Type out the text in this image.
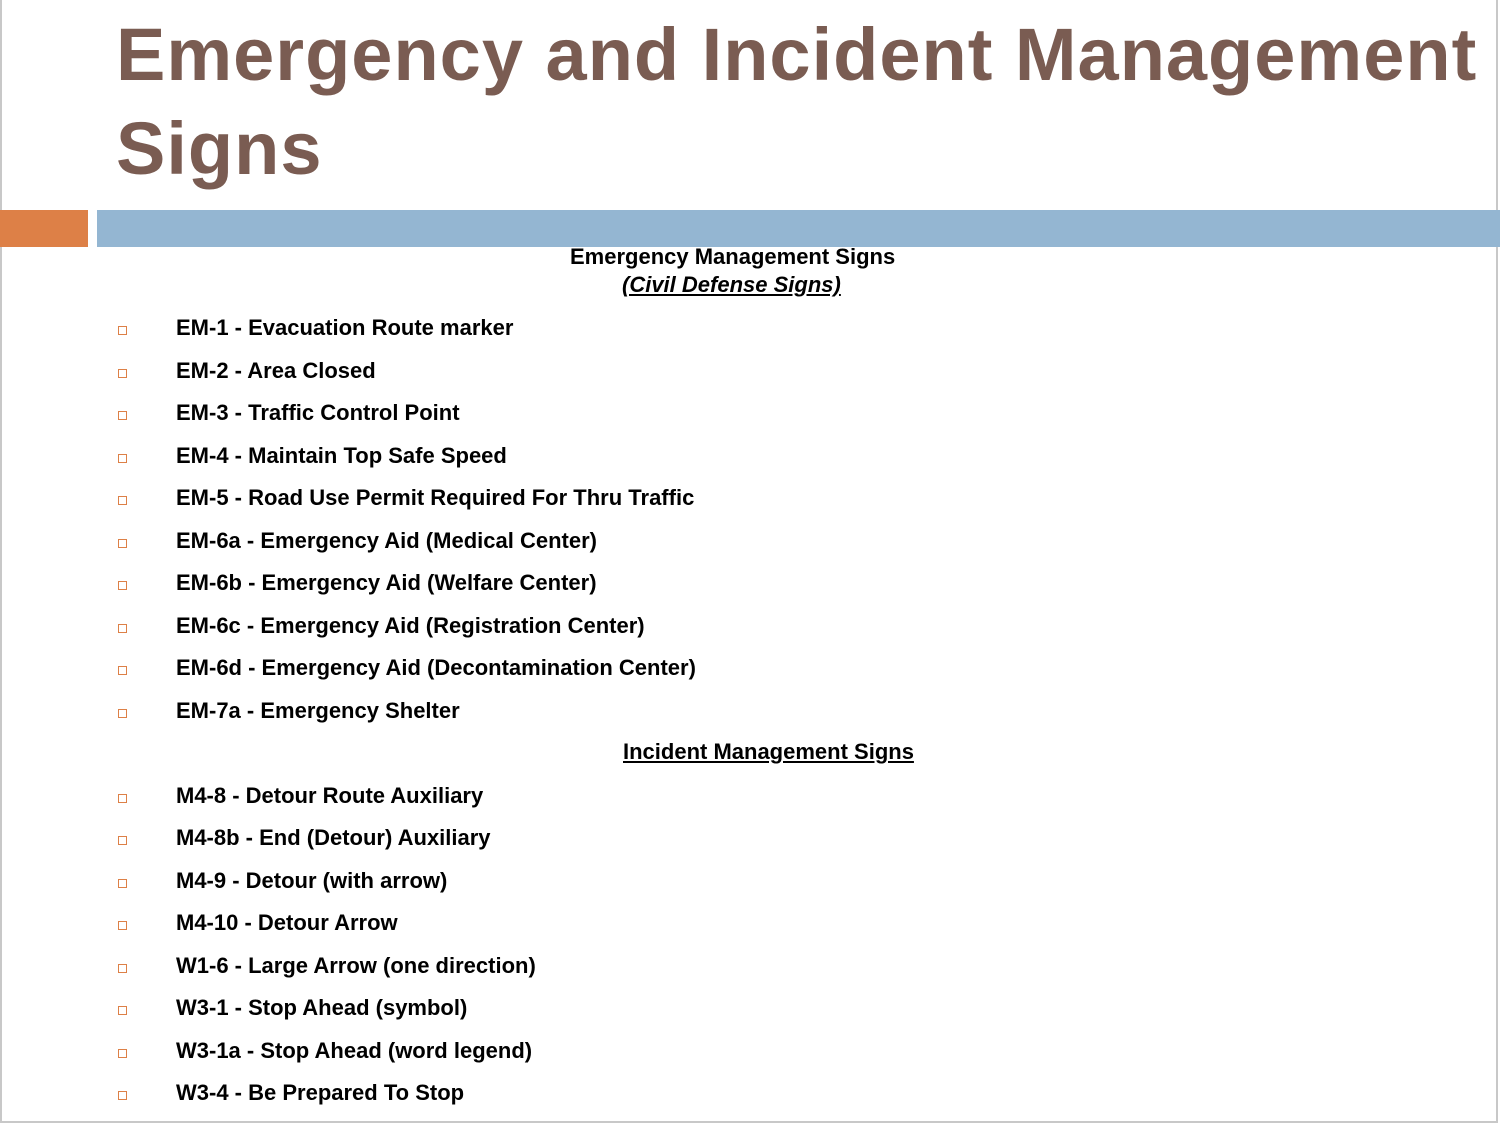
Emergency and Incident Management Signs
Emergency Management Signs
(Civil Defense Signs)
EM-1 - Evacuation Route marker
EM-2 - Area Closed
EM-3 - Traffic Control Point
EM-4 - Maintain Top Safe Speed
EM-5 - Road Use Permit Required For Thru Traffic
EM-6a - Emergency Aid (Medical Center)
EM-6b - Emergency Aid (Welfare Center)
EM-6c - Emergency Aid (Registration Center)
EM-6d - Emergency Aid (Decontamination Center)
EM-7a - Emergency Shelter
Incident Management Signs
M4-8 - Detour Route Auxiliary
M4-8b - End (Detour) Auxiliary
M4-9 - Detour (with arrow)
M4-10 - Detour Arrow
W1-6 - Large Arrow (one direction)
W3-1 - Stop Ahead (symbol)
W3-1a - Stop Ahead (word legend)
W3-4 - Be Prepared To Stop
